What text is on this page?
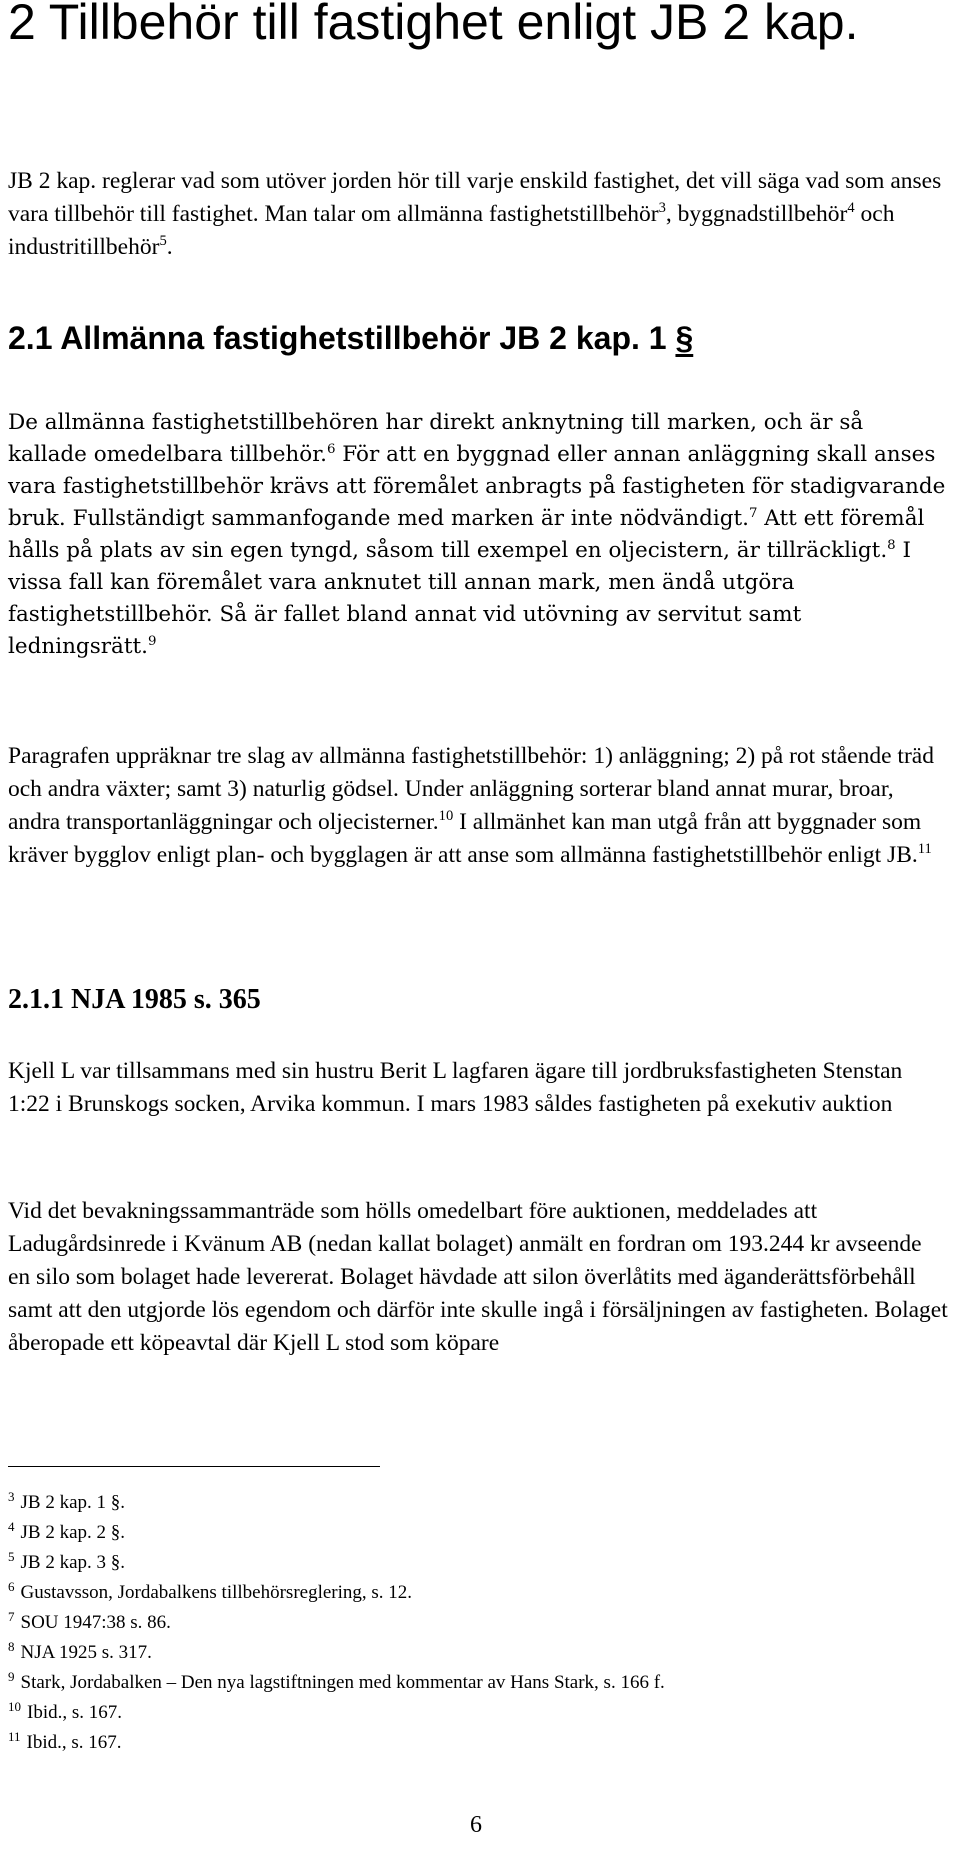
2 Tillbehör till fastighet enligt JB 2 kap.

JB 2 kap. reglerar vad som utöver jorden hör till varje enskild fastighet, det vill säga vad som anses vara tillbehör till fastighet. Man talar om allmänna fastighetstillbehör$^3$, byggnadstillbehör$^4$ och industritillbehör$^5$.

2.1 Allmänna fastighetstillbehör JB 2 kap. 1 §

De allmänna fastighetstillbehören har direkt anknytning till marken, och är så kallade omedelbara tillbehör.$^6$ För att en byggnad eller annan anläggning skall anses vara fastighetstillbehör krävs att föremålet anbragts på fastigheten för stadigvarande bruk. Fullständigt sammanfogande med marken är inte nödvändigt.$^7$ Att ett föremål hålls på plats av sin egen tyngd, såsom till exempel en oljecistern, är tillräckligt.$^8$ I vissa fall kan föremålet vara anknutet till annan mark, men ändå utgöra fastighetstillbehör. Så är fallet bland annat vid utövning av servitut samt ledningsrätt.$^9$

Paragrafen uppräknar tre slag av allmänna fastighetstillbehör: 1) anläggning; 2) på rot stående träd och andra växter; samt 3) naturlig gödsel. Under anläggning sorterar bland annat murar, broar, andra transportanläggningar och oljecisterner.$^{10}$ I allmänhet kan man utgå från att byggnader som kräver bygglov enligt plan- och bygglagen är att anse som allmänna fastighetstillbehör enligt JB.$^{11}$

2.1.1 NJA 1985 s. 365

Kjell L var tillsammans med sin hustru Berit L lagfaren ägare till jordbruksfastigheten Stenstan 1:22 i Brunskogs socken, Arvika kommun. I mars 1983 såldes fastigheten på exekutiv auktion

Vid det bevakningssammanträde som hölls omedelbart före auktionen, meddelades att Ladugårdsinrede i Kvänum AB (nedan kallat bolaget) anmält en fordran om 193.244 kr avseende en silo som bolaget hade levererat. Bolaget hävdade att silon överlåtits med äganderättsförbehåll samt att den utgjorde lös egendom och därför inte skulle ingå i försäljningen av fastigheten. Bolaget åberopade ett köpeavtal där Kjell L stod som köpare

$^3$ JB 2 kap. 1 §.
$^4$ JB 2 kap. 2 §.
$^5$ JB 2 kap. 3 §.
$^6$ Gustavsson, Jordabalkens tillbehörsreglering, s. 12.
$^7$ SOU 1947:38 s. 86.
$^8$ NJA 1925 s. 317.
$^9$ Stark, Jordabalken – Den nya lagstiftningen med kommentar av Hans Stark, s. 166 f.
$^{10}$ Ibid., s. 167.
$^{11}$ Ibid., s. 167.

6
